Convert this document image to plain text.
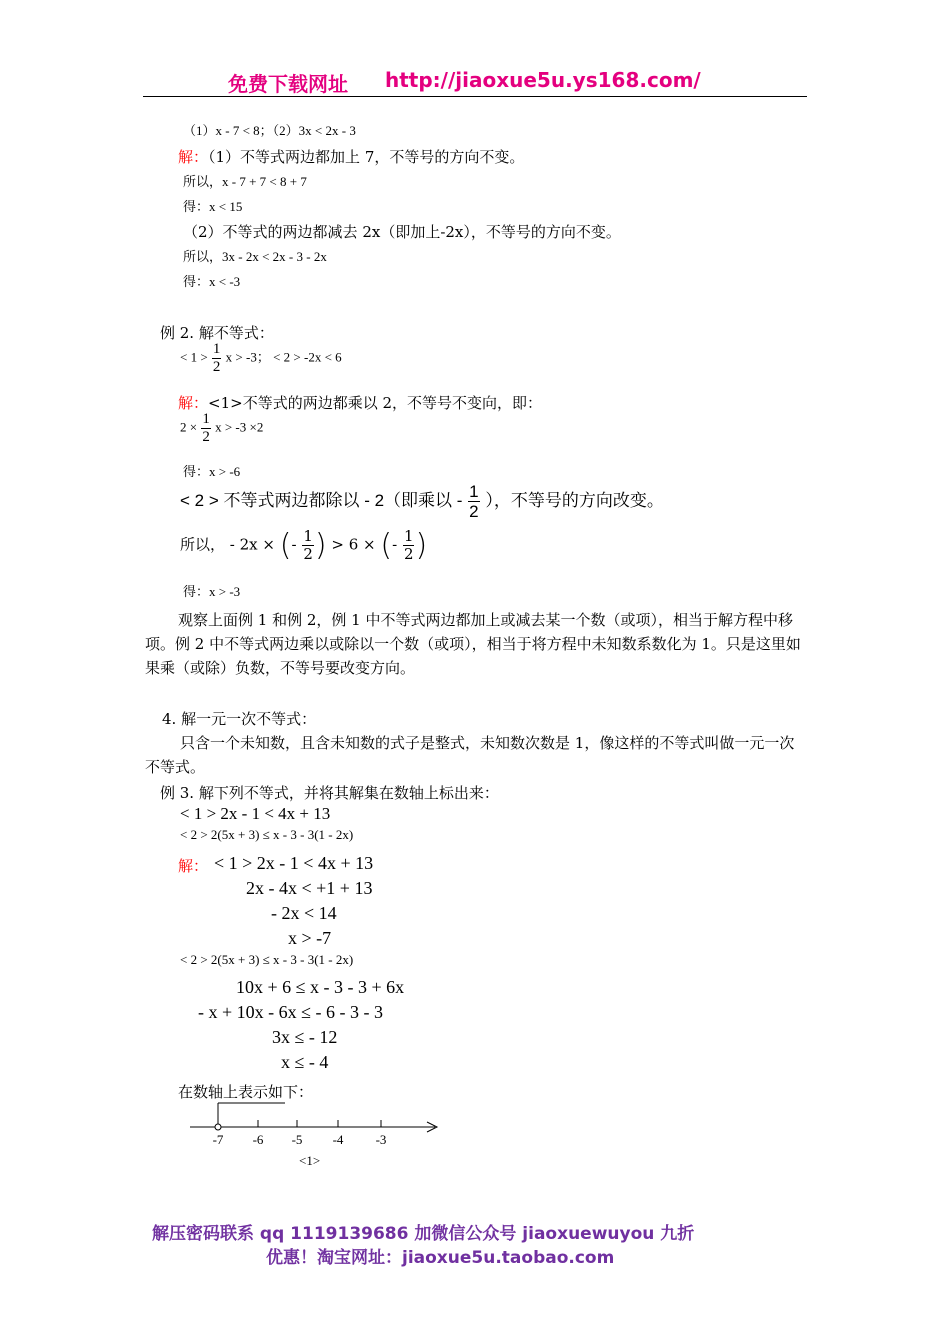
免费下载网址 http://jiaoxue5u.ys168.com/
（1）x - 7 < 8；（2）3x < 2x - 3
解：（1）不等式两边都加上 7，不等号的方向不变。
所以，x - 7 + 7 < 8 + 7
得：x < 15
（2）不等式的两边都减去 2x（即加上-2x），不等号的方向不变。
所以，3x - 2x < 2x - 3 - 2x
得：x < -3
例 2. 解不等式：
< $1 > \frac{1}{2}$ x > -3； < 2 > -2x < 6
解：<1>不等式的两边都乘以 2，不等号不变向，即：
$2 \times \frac{1}{2}$ x > -3 ×2
得：x > -6
< 2 > 不等式两边都除以 - 2（即乘以 - $\frac{1}{2}$ ），不等号的方向改变。
所以， - 2x × (- $\frac{1}{2}$ ) > 6 × (- $\frac{1}{2}$ )
得：x > -3
观察上面例 1 和例 2，例 1 中不等式两边都加上或减去某一个数（或项），相当于解方程中移项。例 2 中不等式两边乘以或除以一个数（或项），相当于将方程中未知数系数化为 1。只是这里如果乘（或除）负数，不等号要改变方向。
4. 解一元一次不等式：
只含一个未知数，且含未知数的式子是整式，未知数次数是 1，像这样的不等式叫做一元一次不等式。
例 3. 解下列不等式，并将其解集在数轴上标出来：
< 1 > 2x - 1 < 4x + 13
< 2 > 2(5x + 3) ≤ x - 3 - 3(1 - 2x)
解： < 1 > 2x - 1 < 4x + 13
2x - 4x < +1 + 13
- 2x < 14
x > -7
< 2 > 2(5x + 3) ≤ x - 3 - 3(1 - 2x)
10x + 6 ≤ x - 3 - 3 + 6x
- x + 10x - 6x ≤ - 6 - 3 - 3
3x ≤ - 12
x ≤ - 4
在数轴上表示如下：
-7 -6 -5 -4 -3
<1>
解压密码联系 qq 1119139686 加微信公众号 jiaoxuewuyou 九折
优惠！淘宝网址：jiaoxue5u.taobao.com
